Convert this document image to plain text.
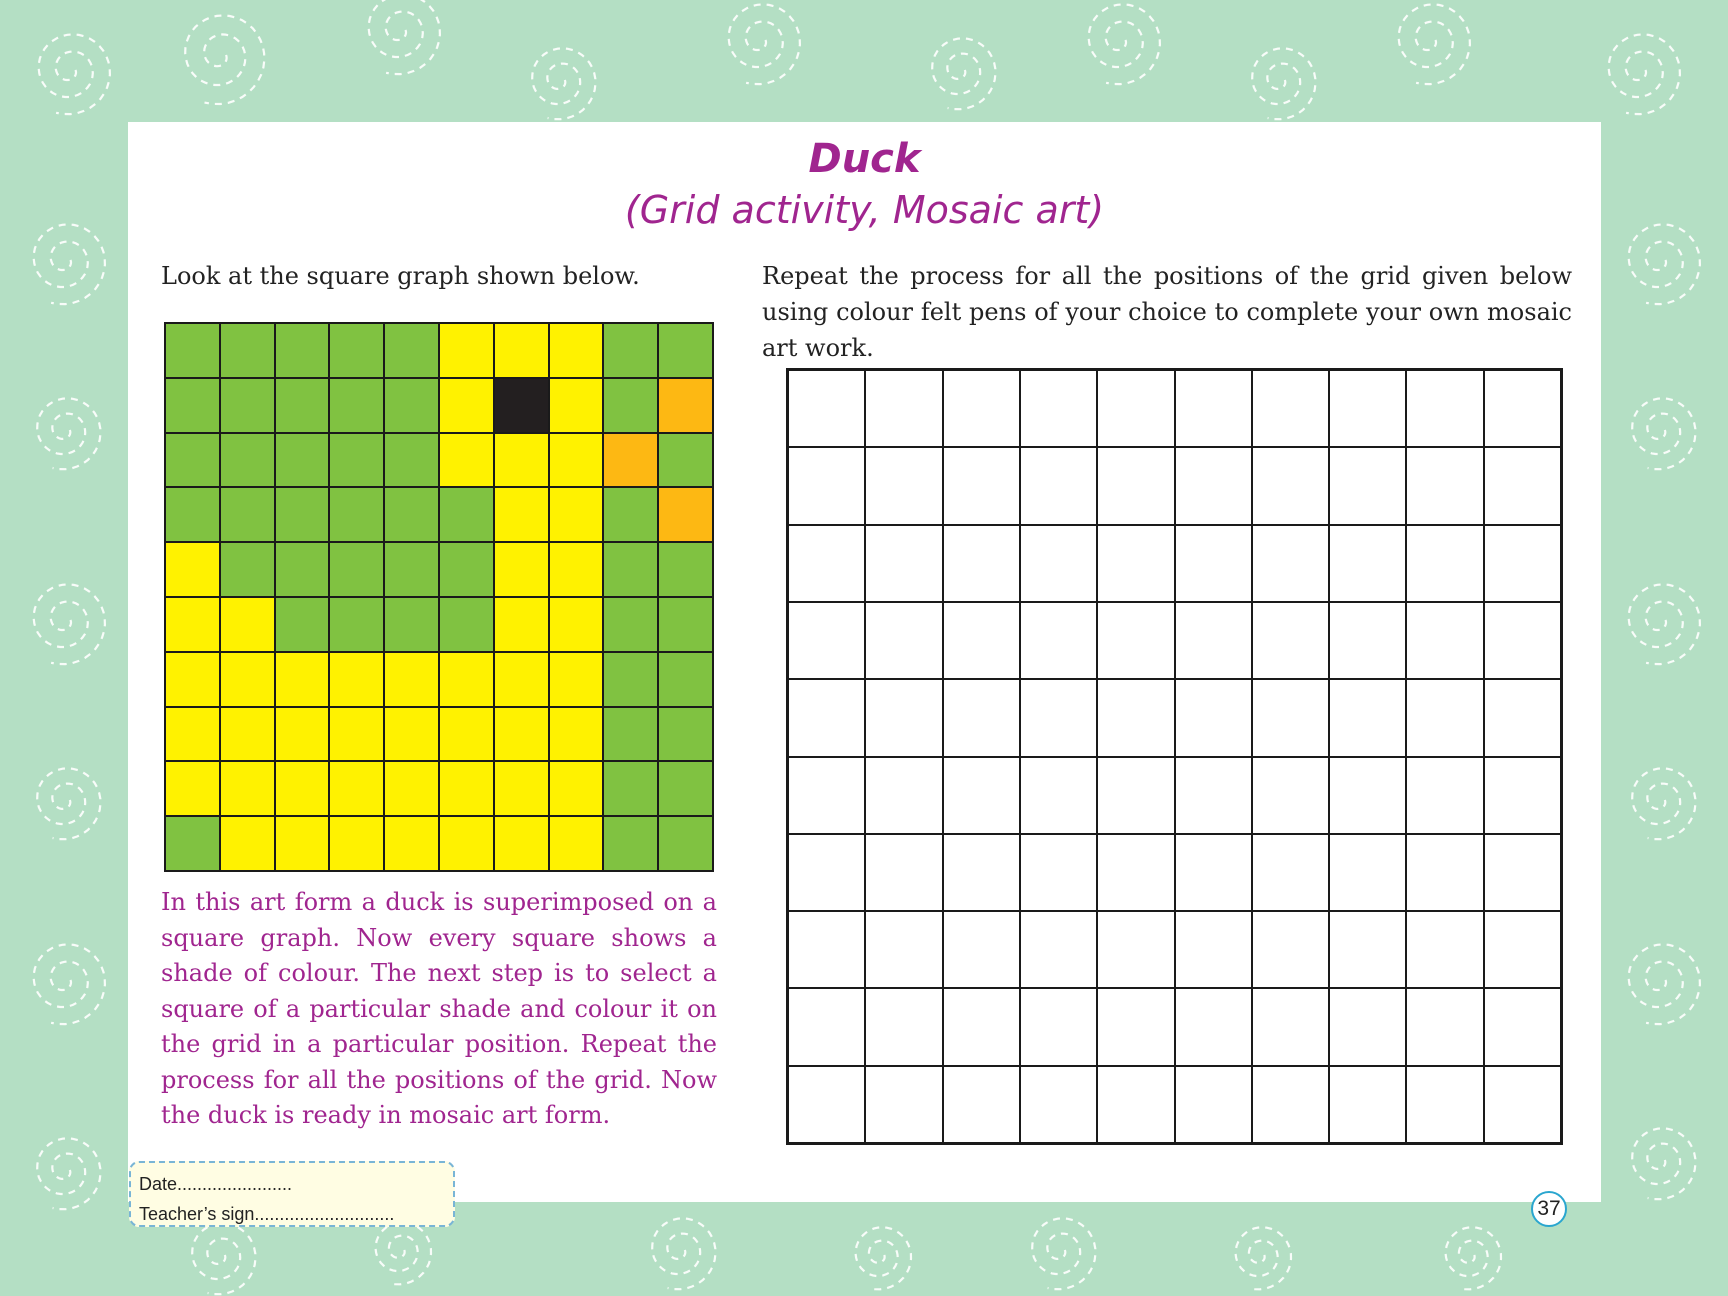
Duck
(Grid activity, Mosaic art)

Look at the square graph shown below.	Repeat the process for all the positions of the grid given below using colour felt pens of your choice to complete your own mosaic art work.

In this art form a duck is superimposed on a square graph. Now every square shows a shade of colour. The next step is to select a square of a particular shade and colour it on the grid in a particular position. Repeat the process for all the positions of the grid. Now the duck is ready in mosaic art form.

Date.......................
Teacher’s sign............................	37
